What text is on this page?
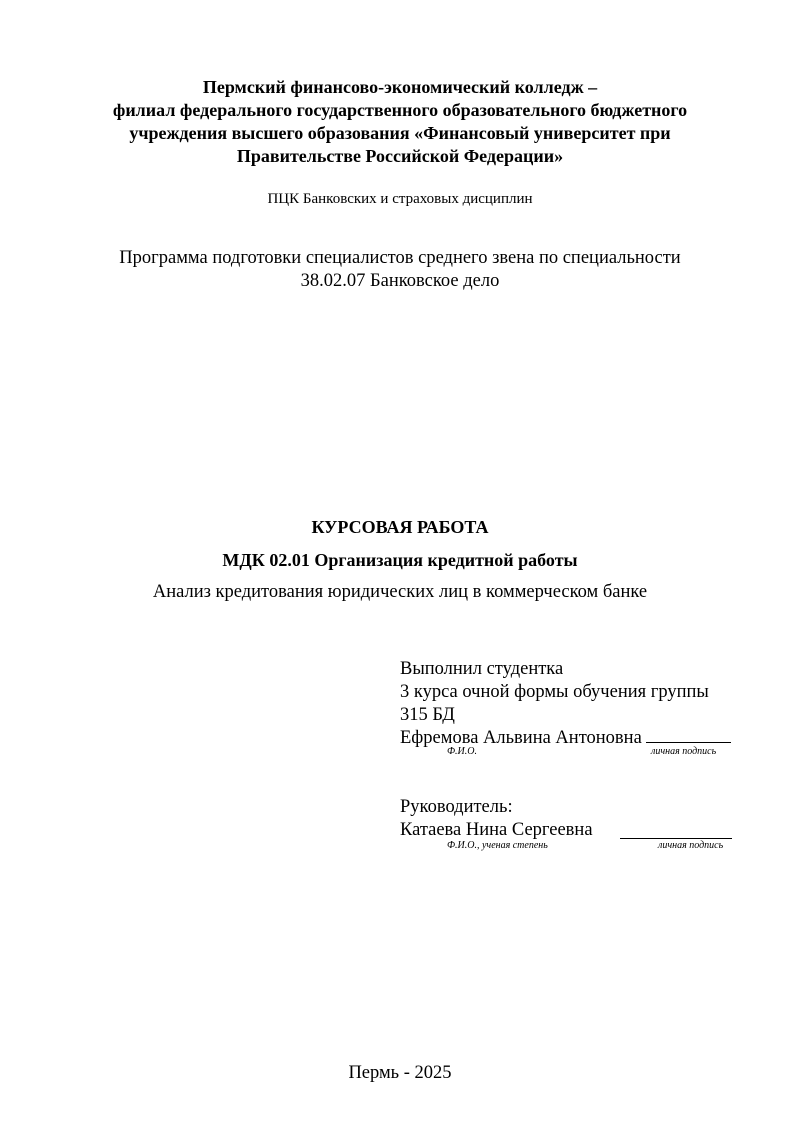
Пермский финансово-экономический колледж –
филиал федерального государственного образовательного бюджетного
учреждения высшего образования «Финансовый университет при
Правительстве Российской Федерации»
ПЦК Банковских и страховых дисциплин
Программа подготовки специалистов среднего звена по специальности
38.02.07 Банковское дело
КУРСОВАЯ РАБОТА
МДК 02.01 Организация кредитной работы
Анализ кредитования юридических лиц в коммерческом банке
Выполнил студентка
3 курса очной формы обучения группы
315 БД
Ефремова Альвина Антоновна
Ф.И.О.	личная подпись
Руководитель:
Катаева Нина Сергеевна
Ф.И.О., ученая степень	личная подпись
Пермь - 2025
